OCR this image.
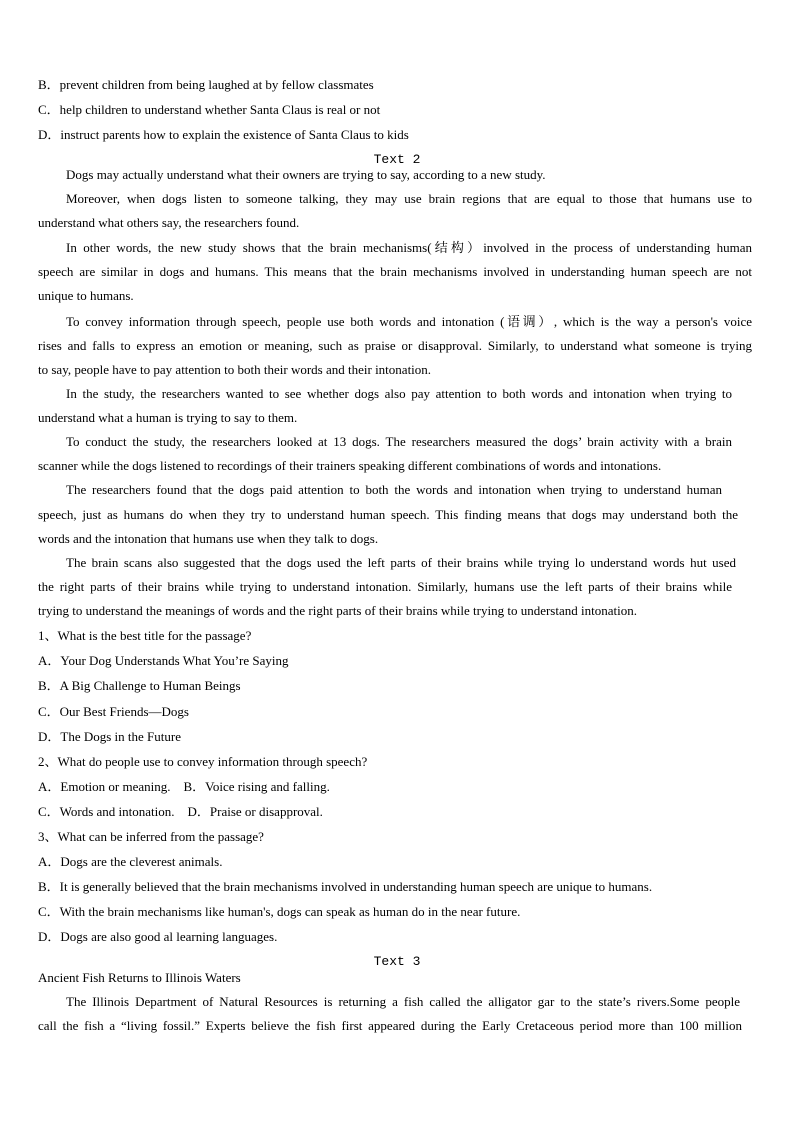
B．prevent children from being laughed at by fellow classmates
C．help children to understand whether Santa Claus is real or not
D．instruct parents how to explain the existence of Santa Claus to kids
Text 2
Dogs may actually understand what their owners are trying to say, according to a new study.
Moreover, when dogs listen to someone talking, they may use brain regions that are equal to those that humans use to
understand what others say, the researchers found.
In other words, the new study shows that the brain mechanisms(结构）involved in the process of understanding human
speech are similar in dogs and humans. This means that the brain mechanisms involved in understanding human speech are not
unique to humans.
To convey information through speech, people use both words and intonation (语调）, which is the way a person's voice
rises and falls to express an emotion or meaning, such as praise or disapproval. Similarly, to understand what someone is trying
to say, people have to pay attention to both their words and their intonation.
In the study, the researchers wanted to see whether dogs also pay attention to both words and intonation when trying to
understand what a human is trying to say to them.
To conduct the study, the researchers looked at 13 dogs. The researchers measured the dogs’ brain activity with a brain
scanner while the dogs listened to recordings of their trainers speaking different combinations of words and intonations.
The researchers found that the dogs paid attention to both the words and intonation when trying to understand human
speech, just as humans do when they try to understand human speech. This finding means that dogs may understand both the
words and the intonation that humans use when they talk to dogs.
The brain scans also suggested that the dogs used the left parts of their brains while trying lo understand words hut used
the right parts of their brains while trying to understand intonation. Similarly, humans use the left parts of their brains while
trying to understand the meanings of words and the right parts of their brains while trying to understand intonation.
1、What is the best title for the passage?
A．Your Dog Understands What You’re Saying
B．A Big Challenge to Human Beings
C．Our Best Friends—Dogs
D．The Dogs in the Future
2、What do people use to convey information through speech?
A．Emotion or meaning.　B．Voice rising and falling.
C．Words and intonation.　D．Praise or disapproval.
3、What can be inferred from the passage?
A．Dogs are the cleverest animals.
B．It is generally believed that the brain mechanisms involved in understanding human speech are unique to humans.
C．With the brain mechanisms like human's, dogs can speak as human do in the near future.
D．Dogs are also good al learning languages.
Text 3
Ancient Fish Returns to Illinois Waters
The Illinois Department of Natural Resources is returning a fish called the alligator gar to the state’s rivers.Some people
call the fish a “living fossil.” Experts believe the fish first appeared during the Early Cretaceous period more than 100 million
